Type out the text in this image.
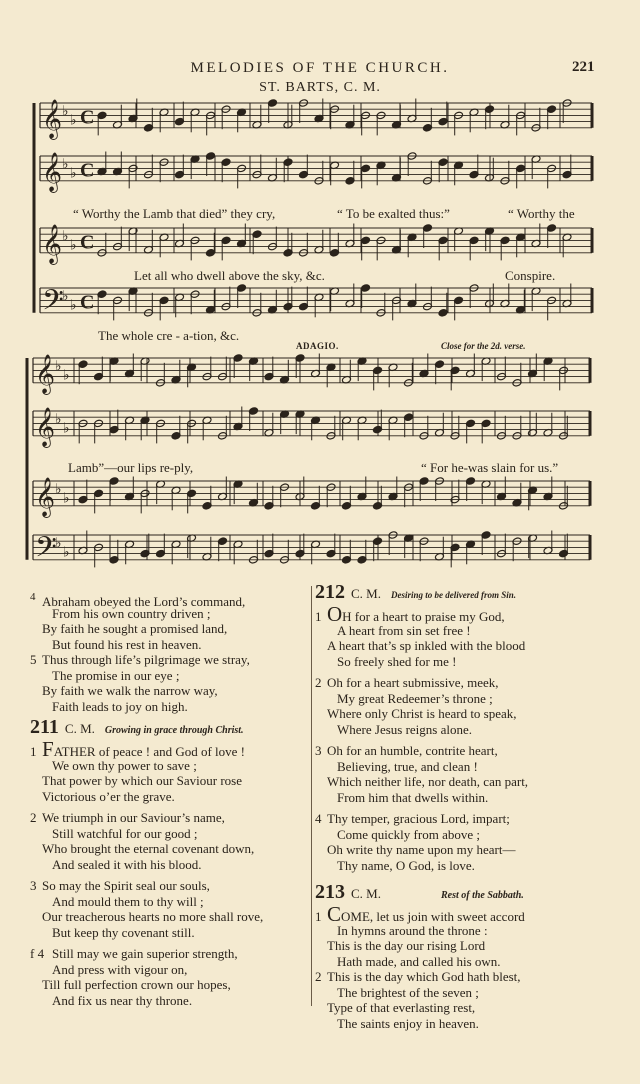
MELODIES OF THE CHURCH.	221
ST. BARTS, C. M.
𝄞 ♭
♭ C
𝄞 ♭
♭ C
𝄞 ♭
♭ C
𝄢
♭
♭ C
𝄞 ♭
♭
𝄞 ♭
♭
𝄞 ♭
♭
𝄢
♭
♭
“ Worthy the Lamb that died” they cry,	“ To be exalted thus:”	“ Worthy the
Let all who dwell above the sky, &c.	Conspire.
The whole cre - a-tion, &c.
ADAGIO.	Close for the 2d. verse.
Lamb”—our lips re-ply,	“ For he-was slain for us.”
4 Abraham obeyed the Lord’s command,
From his own country driven ;
By faith he sought a promised land,
But found his rest in heaven.
5 Thus through life’s pilgrimage we stray,
The promise in our eye ;
By faith we walk the narrow way,
Faith leads to joy on high.
211 C. M. Growing in grace through Christ.
1 FATHER of peace ! and God of love !
We own thy power to save ;
That power by which our Saviour rose
Victorious o’er the grave.
2 We triumph in our Saviour’s name,
Still watchful for our good ;
Who brought the eternal covenant down,
And sealed it with his blood.
3 So may the Spirit seal our souls,
And mould them to thy will ;
Our treacherous hearts no more shall rove,
But keep thy covenant still.
f 4 Still may we gain superior strength,
And press with vigour on,
Till full perfection crown our hopes,
And fix us near thy throne.
212 C. M. Desiring to be delivered from Sin.
1 OH for a heart to praise my God,
A heart from sin set free !
A heart that’s sp inkled with the blood
So freely shed for me !
2 Oh for a heart submissive, meek,
My great Redeemer’s throne ;
Where only Christ is heard to speak,
Where Jesus reigns alone.
3 Oh for an humble, contrite heart,
Believing, true, and clean !
Which neither life, nor death, can part,
From him that dwells within.
4 Thy temper, gracious Lord, impart;
Come quickly from above ;
Oh write thy name upon my heart—
Thy name, O God, is love.
213 C. M.	Rest of the Sabbath.
1 COME, let us join with sweet accord
In hymns around the throne :
This is the day our rising Lord
Hath made, and called his own.
2 This is the day which God hath blest,
The brightest of the seven ;
Type of that everlasting rest,
The saints enjoy in heaven.
